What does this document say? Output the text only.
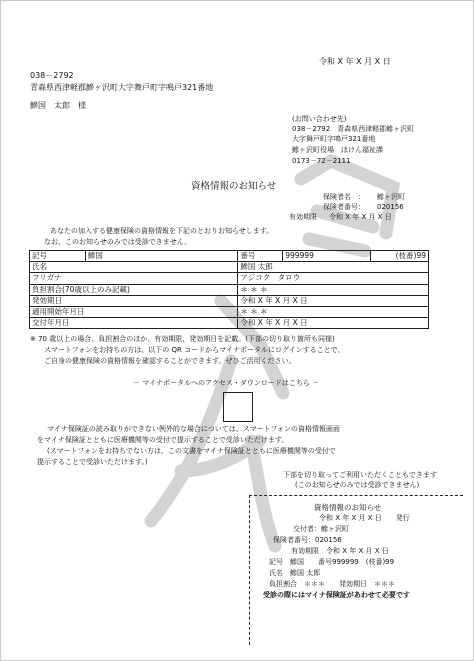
令和 X 年 X 月 X 日
038－2792
青森県西津軽郡鰺ヶ沢町大字舞戸町字鳴戸321番地
鰺国　太郎　様
(お問い合わせ先)
038－2792　青森県西津軽郡鰺ヶ沢町
大字舞戸町字鳴戸321番地
鰺ヶ沢町役場　ほけん福祉課
0173－72－2111
資格情報のお知らせ
保険者名　： 鰺ヶ沢町
保険者番号： 020156
有効期限 令和 X 年 X 月 X 日
あなたの加入する健康保険の資格情報を下記のとおりお知らせします。
なお、このお知らせのみでは受診できません。
記号	鰺国	番号	999999	(枝番)99
氏名		鰺国 太郎		
フリガナ		アジコク　タロウ		
負担割合(70歳以上のみ記載)		＊ ＊ ＊		
発効期日		令和 X 年 X 月 X 日		
適用開始年月日		＊ ＊ ＊		
交付年月日		令和 X 年 X 月 X 日		
※ 70 歳以上の場合、負担割合のほか、有効期限、発効期日を記載。(下部の切り取り箇所も同様)
スマートフォンをお持ちの方は、以下の QR コードからマイナポータルにログインすることで、
ご自身の健康保険の資格情報を確認することができます。ぜひご活用ください。
－ マイナポータルへのアクセス・ダウンロードはこちら －
マイナ保険証の読み取りができない例外的な場合については、スマートフォンの資格情報画面
をマイナ保険証とともに医療機関等の受付で提示することで受診いただけます。
(スマートフォンをお持ちでない方は、この文書をマイナ保険証とともに医療機関等の受付で
提示することで受診いただけます。)
下部を切り取ってご利用いただくこともできます
(このお知らせのみでは受診できません)
資格情報のお知らせ
令和 X 年 X 月 X 日　　発行
交付者：鰺ヶ沢町
保険者番号：020156
有効期限　令和 X 年 X 月 X 日
記号　鰺国　　番号999999　(枝番)99
氏名　鰺国 太郎
負担割合　＊＊＊　　発効期日　＊＊＊
受診の際にはマイナ保険証があわせて必要です
